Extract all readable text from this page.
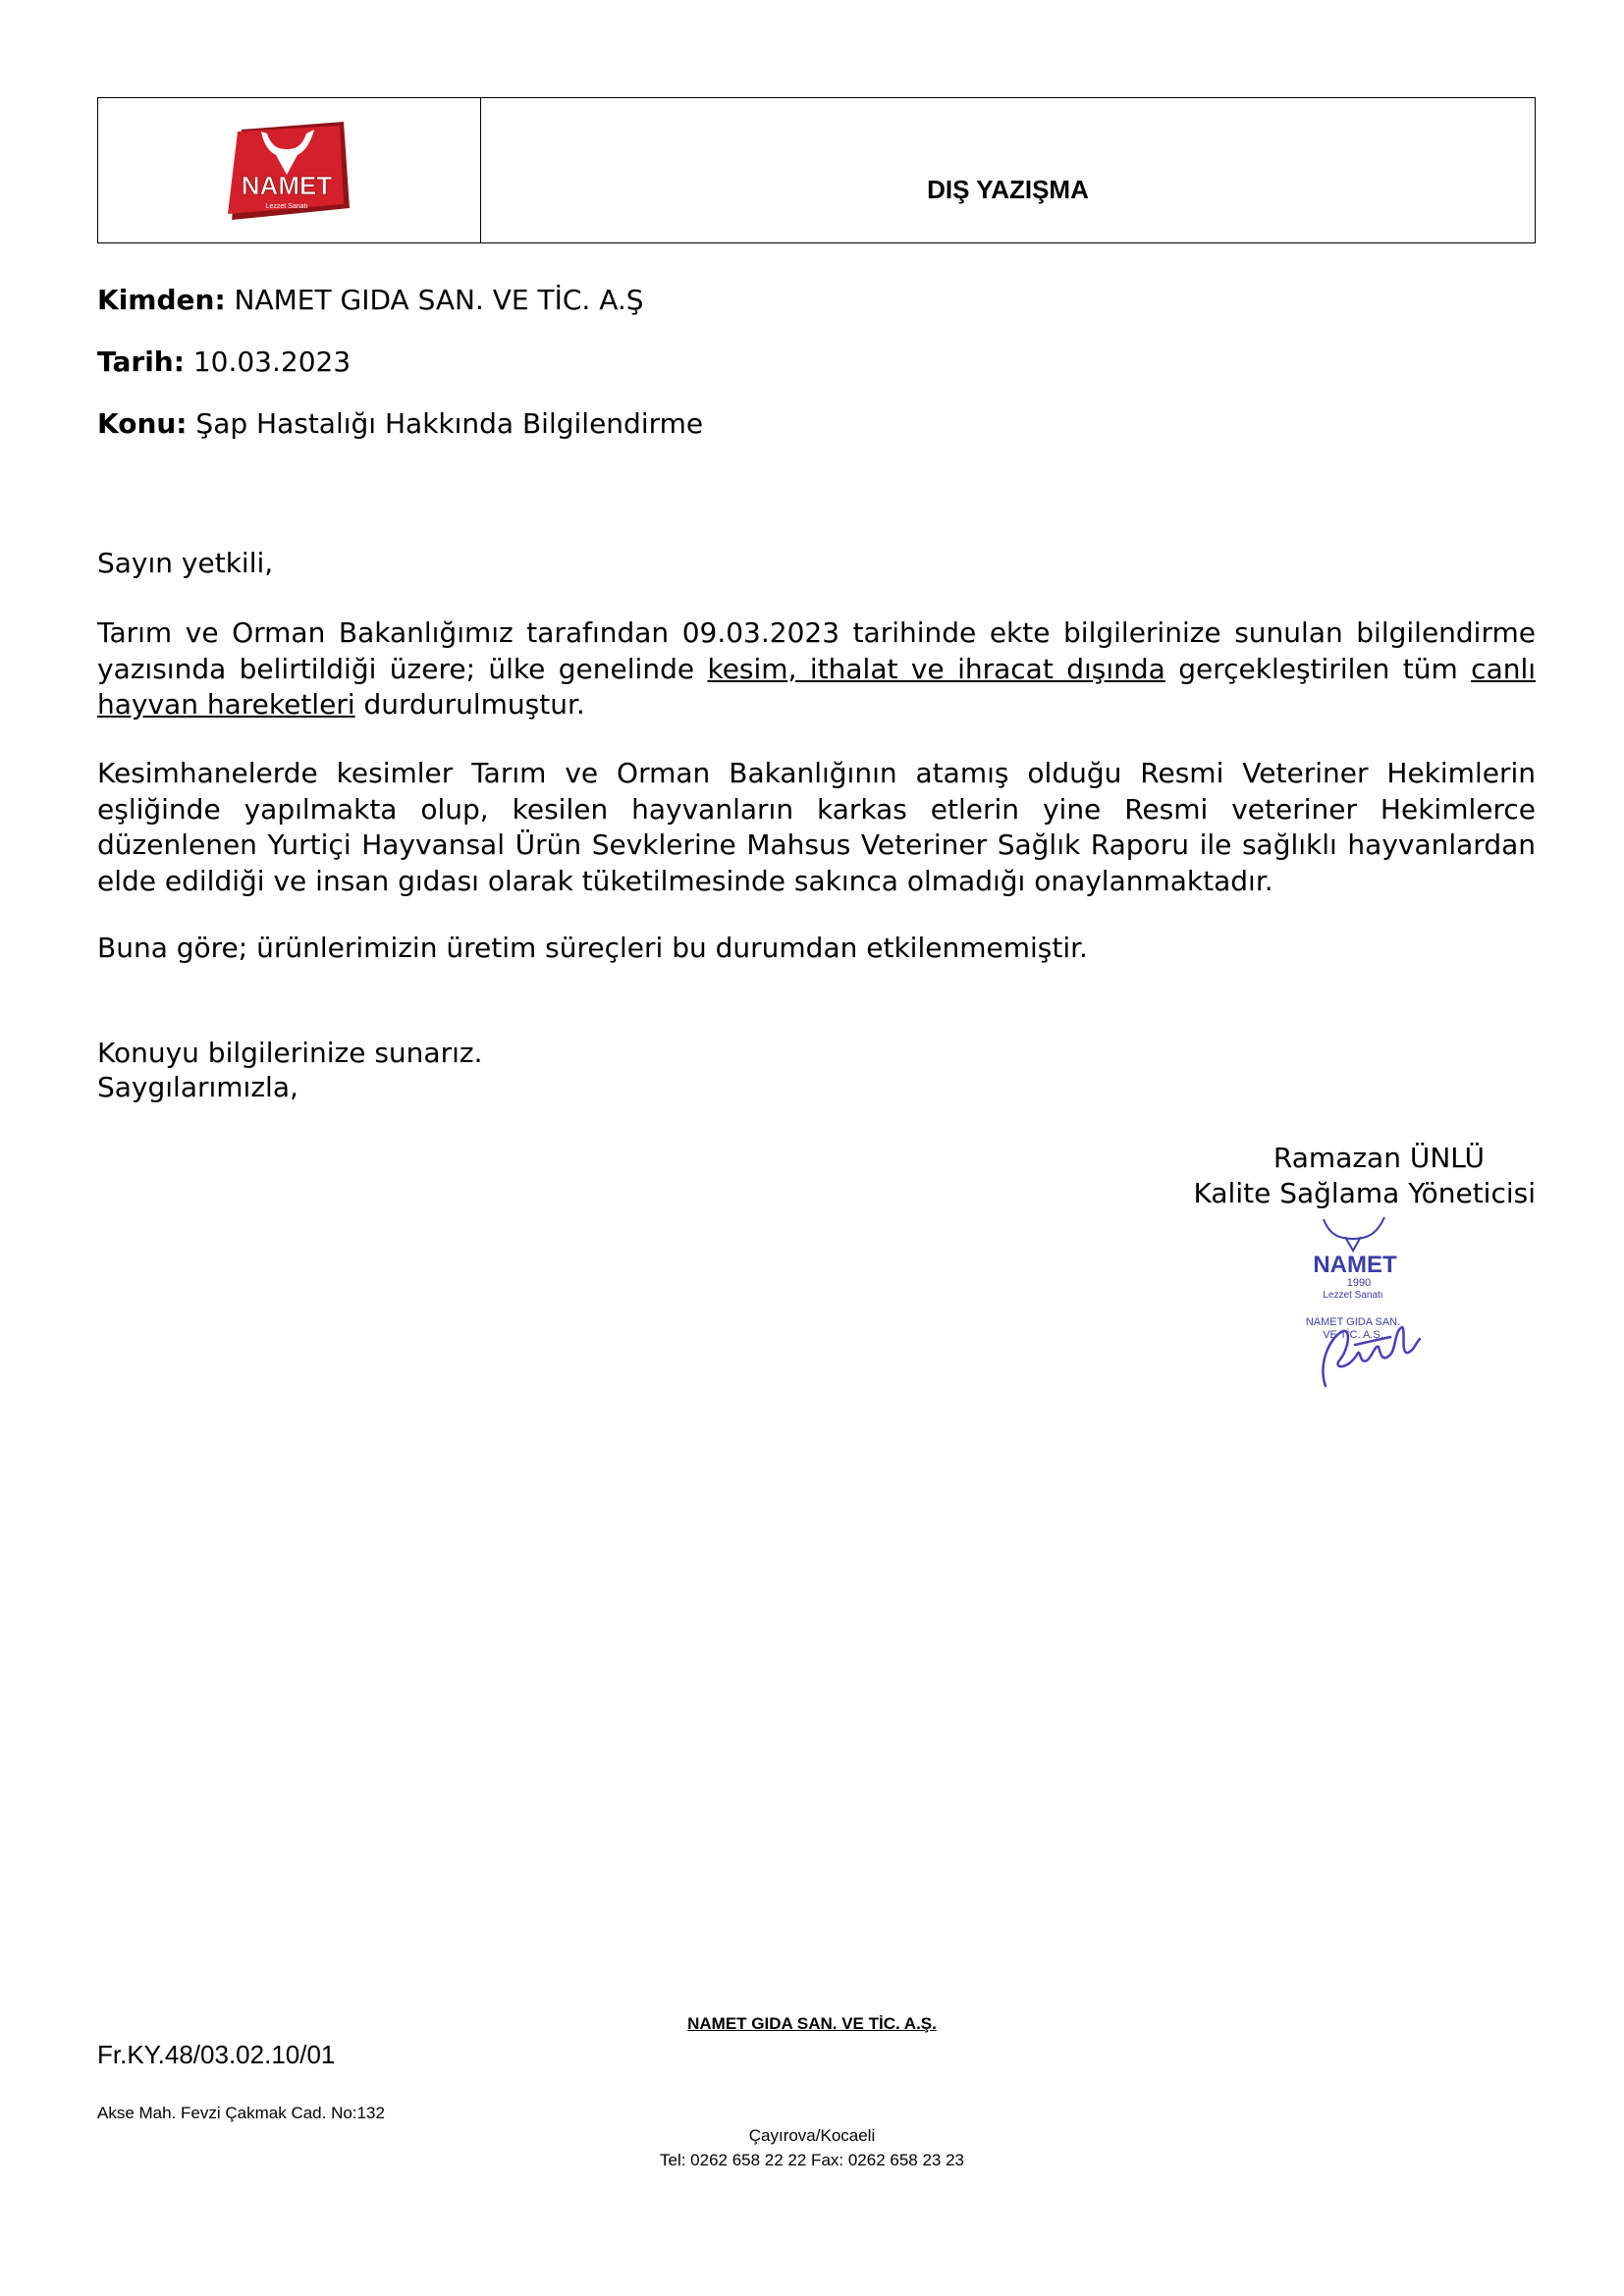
NAMET
Lezzet Sanatı
DIŞ YAZIŞMA
Kimden: NAMET GIDA SAN. VE TİC. A.Ş
Tarih: 10.03.2023
Konu: Şap Hastalığı Hakkında Bilgilendirme

Sayın yetkili,

Tarım ve Orman Bakanlığımız tarafından 09.03.2023 tarihinde ekte bilgilerinize sunulan bilgilendirme yazısında belirtildiği üzere; ülke genelinde kesim, ithalat ve ihracat dışında gerçekleştirilen tüm canlı hayvan hareketleri durdurulmuştur.

Kesimhanelerde kesimler Tarım ve Orman Bakanlığının atamış olduğu Resmi Veteriner Hekimlerin eşliğinde yapılmakta olup, kesilen hayvanların karkas etlerin yine Resmi veteriner Hekimlerce düzenlenen Yurtiçi Hayvansal Ürün Sevklerine Mahsus Veteriner Sağlık Raporu ile sağlıklı hayvanlardan elde edildiği ve insan gıdası olarak tüketilmesinde sakınca olmadığı onaylanmaktadır.

Buna göre; ürünlerimizin üretim süreçleri bu durumdan etkilenmemiştir.

Konuyu bilgilerinize sunarız.

Saygılarımızla,

Ramazan ÜNLÜ
Kalite Sağlama Yöneticisi
NAMET
1990
Lezzet Sanatı
NAMET GIDA SAN.
VE TİC. A.Ş.
NAMET GIDA SAN. VE TİC. A.Ş.
Fr.KY.48/03.02.10/01
Akse Mah. Fevzi Çakmak Cad. No:132
Çayırova/Kocaeli
Tel: 0262 658 22 22 Fax: 0262 658 23 23
